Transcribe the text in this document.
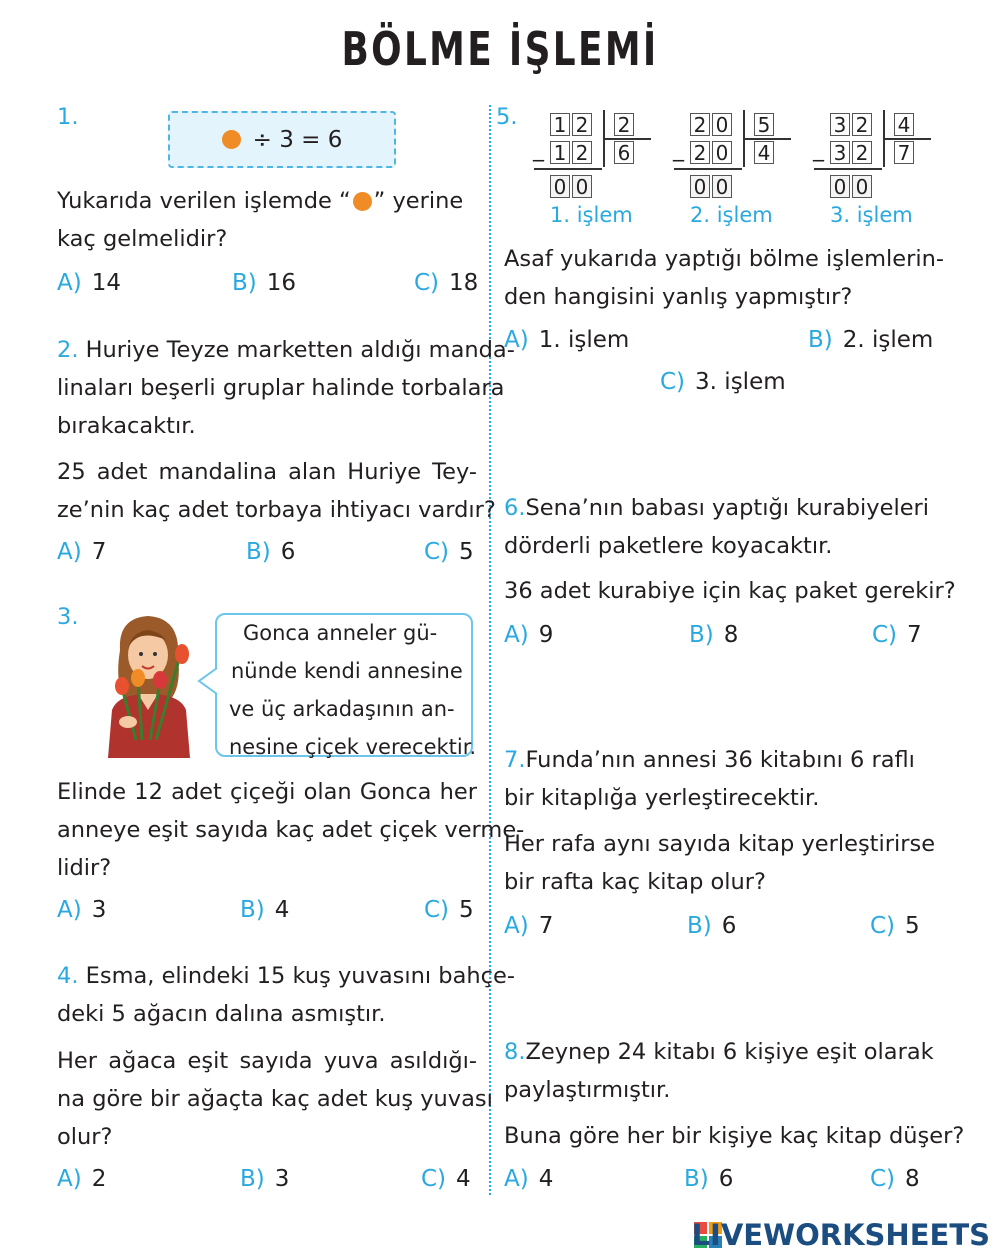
BÖLME İŞLEMİ
1.
÷ 3 = 6
Yukarıda verilen işlemde “ ” yerine
kaç gelmelidir?
A) 14	B) 16	C) 18
2. Huriye Teyze marketten aldığı manda-
linaları beşerli gruplar halinde torbalara
bırakacaktır.
25 adet mandalina alan Huriye Tey-
ze’nin kaç adet torbaya ihtiyacı vardır?
A) 7	B) 6	C) 5
3.
Gonca anneler gü-
nünde kendi annesine
ve üç arkadaşının an-
nesine çiçek verecektir.
Elinde 12 adet çiçeği olan Gonca her
anneye eşit sayıda kaç adet çiçek verme-
lidir?
A) 3	B) 4	C) 5
4. Esma, elindeki 15 kuş yuvasını bahçe-
deki 5 ağacın dalına asmıştır.
Her ağaca eşit sayıda yuva asıldığı-
na göre bir ağaçta kaç adet kuş yuvası
olur?
A) 2	B) 3	C) 4
5. 1 2 2
1 2 6
0 0
_
1. işlem
2 0 5
2 0 4
0 0
_
2. işlem
3 2 4
3 2 7
0 0
_
3. işlem
Asaf yukarıda yaptığı bölme işlemlerin-
den hangisini yanlış yapmıştır?
A) 1. işlem	B) 2. işlem
C) 3. işlem
6.Sena’nın babası yaptığı kurabiyeleri
dörderli paketlere koyacaktır.
36 adet kurabiye için kaç paket gerekir?
A) 9	B) 8	C) 7
7.Funda’nın annesi 36 kitabını 6 raflı
bir kitaplığa yerleştirecektir.
Her rafa aynı sayıda kitap yerleştirirse
bir rafta kaç kitap olur?
A) 7	B) 6	C) 5
8.Zeynep 24 kitabı 6 kişiye eşit olarak
paylaştırmıştır.
Buna göre her bir kişiye kaç kitap düşer?
A) 4	B) 6	C) 8
LIVEWORKSHEETS
